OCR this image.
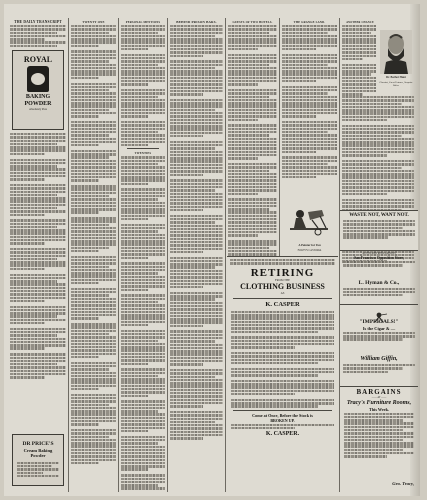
THE DAILY TRANSCRIPT
ROYAL
BAKING
POWDER
Absolutely Pure
DR PRICE'S
Cream Baking
Powder
TWENTY ONE	PERSONAL MENTIONS
TWENTIES
BEHIND PRISON BARS.	GUESTS OF TWO HOTELS.	THE GRANGE LAND.
A Pointer for You
FOLEY'S CASTORIA
ANOTHER CHANCE
Dr. Barber Hunt
Chemist, Great Fortune, Surprise Office
WASTE NOT, WANT NOT.
AUTOS AND REGULATIONS
San Francisco Opposition Store,
L. Hyman & Co.,
"IMPERIALS!"
Is the Cigar & —
William Giffin,
BARGAINS
—— AT ——
Tracy's Furniture Rooms,
This Week.
Geo. Tracy,
RETIRING
FROM THE
CLOTHING BUSINESS
AS
K. CASPER
Come at Once, Before the Stock is
BROKEN UP.
K. CASPER.
